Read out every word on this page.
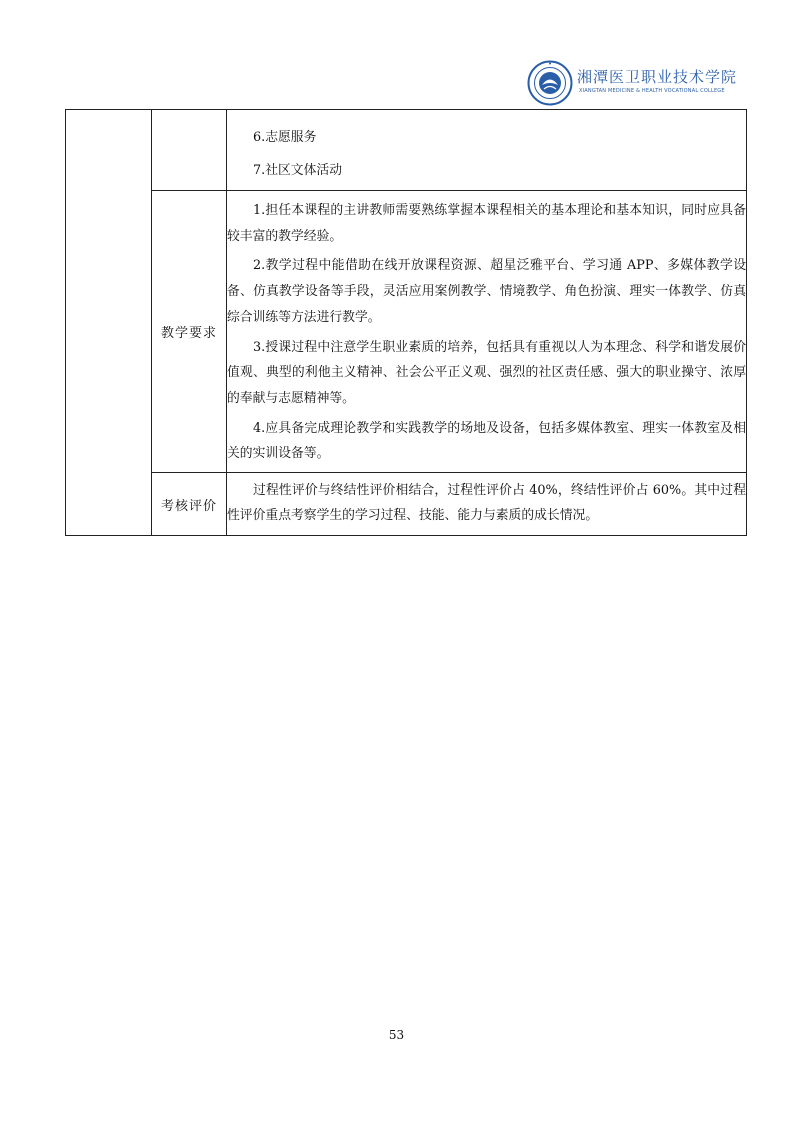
湘潭医卫职业技术学院
XIANGTAN MEDICINE & HEALTH VOCATIONAL COLLEGE

		6.志愿服务

7.社区文体活动

	教学要求	1.担任本课程的主讲教师需要熟练掌握本课程相关的基本理论和基本知识，同时应具备较丰富的教学经验。

2.教学过程中能借助在线开放课程资源、超星泛雅平台、学习通 APP、多媒体教学设备、仿真教学设备等手段，灵活应用案例教学、情境教学、角色扮演、理实一体教学、仿真综合训练等方法进行教学。

3.授课过程中注意学生职业素质的培养，包括具有重视以人为本理念、科学和谐发展价值观、典型的利他主义精神、社会公平正义观、强烈的社区责任感、强大的职业操守、浓厚的奉献与志愿精神等。

4.应具备完成理论教学和实践教学的场地及设备，包括多媒体教室、理实一体教室及相关的实训设备等。

	考核评价	过程性评价与终结性评价相结合，过程性评价占 40%，终结性评价占 60%。其中过程性评价重点考察学生的学习过程、技能、能力与素质的成长情况。

53
